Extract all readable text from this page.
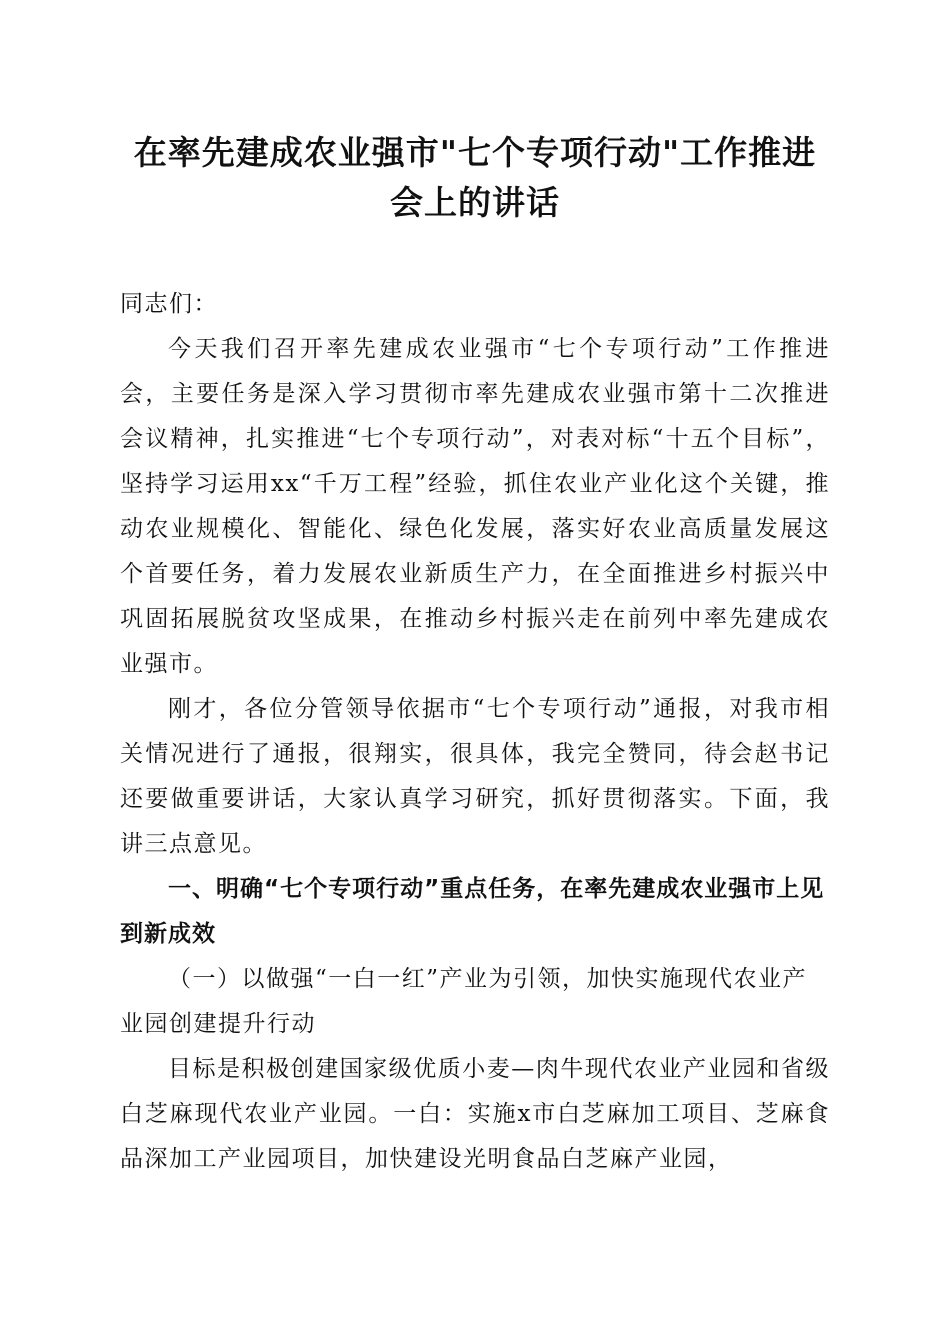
在率先建成农业强市"七个专项行动"工作推进会上的讲话

同志们：

今天我们召开率先建成农业强市“七个专项行动”工作推进会，主要任务是深入学习贯彻市率先建成农业强市第十二次推进会议精神，扎实推进“七个专项行动”，对表对标“十五个目标”，坚持学习运用xx“千万工程”经验，抓住农业产业化这个关键，推动农业规模化、智能化、绿色化发展，落实好农业高质量发展这个首要任务，着力发展农业新质生产力，在全面推进乡村振兴中巩固拓展脱贫攻坚成果，在推动乡村振兴走在前列中率先建成农业强市。

刚才，各位分管领导依据市“七个专项行动”通报，对我市相关情况进行了通报，很翔实，很具体，我完全赞同，待会赵书记还要做重要讲话，大家认真学习研究，抓好贯彻落实。下面，我讲三点意见。

一、明确“七个专项行动”重点任务，在率先建成农业强市上见到新成效

（一）以做强“一白一红”产业为引领，加快实施现代农业产业园创建提升行动

目标是积极创建国家级优质小麦—肉牛现代农业产业园和省级白芝麻现代农业产业园。一白：实施x市白芝麻加工项目、芝麻食品深加工产业园项目，加快建设光明食品白芝麻产业园，
